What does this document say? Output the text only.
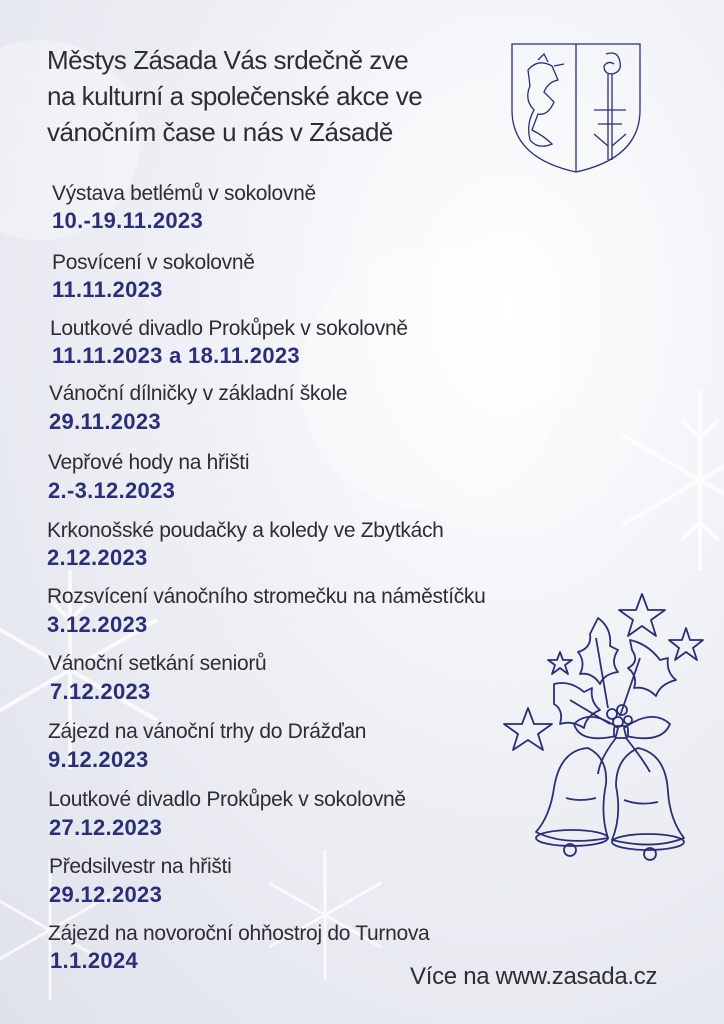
Městys Zásada Vás srdečně zve
na kulturní a společenské akce ve
vánočním čase u nás v Zásadě
Výstava betlémů v sokolovně
10.-19.11.2023
Posvícení v sokolovně
11.11.2023
Loutkové divadlo Prokůpek v sokolovně
11.11.2023 a 18.11.2023
Vánoční dílničky v základní škole
29.11.2023
Vepřové hody na hřišti
2.-3.12.2023
Krkonošské poudačky a koledy ve Zbytkách
2.12.2023
Rozsvícení vánočního stromečku na náměstíčku
3.12.2023
Vánoční setkání seniorů
7.12.2023
Zájezd na vánoční trhy do Drážďan
9.12.2023
Loutkové divadlo Prokůpek v sokolovně
27.12.2023
Předsilvestr na hřišti
29.12.2023
Zájezd na novoroční ohňostroj do Turnova
1.1.2024
Více na www.zasada.cz
